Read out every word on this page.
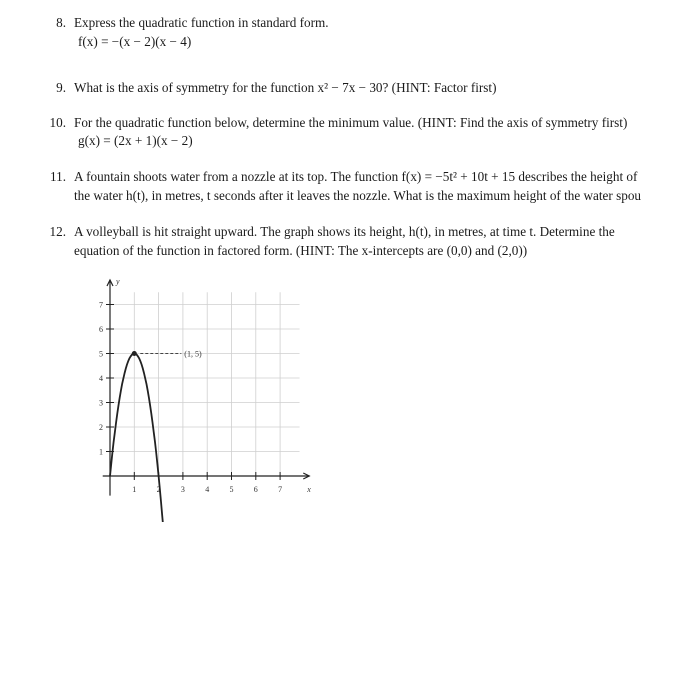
8. Express the quadratic function in standard form.
f(x) = −(x − 2)(x − 4)
9. What is the axis of symmetry for the function x² − 7x − 30? (HINT: Factor first)
10. For the quadratic function below, determine the minimum value. (HINT: Find the axis of symmetry first)
g(x) = (2x + 1)(x − 2)
11. A fountain shoots water from a nozzle at its top. The function f(x) = −5t² + 10t + 15 describes the height of
the water h(t), in metres, t seconds after it leaves the nozzle. What is the maximum height of the water spou
12. A volleyball is hit straight upward. The graph shows its height, h(t), in metres, at time t. Determine the
equation of the function in factored form. (HINT: The x-intercepts are (0,0) and (2,0))
y
x
1	2	3	4	5	6	7
1
2
3
4
5
6
7
(1, 5)
